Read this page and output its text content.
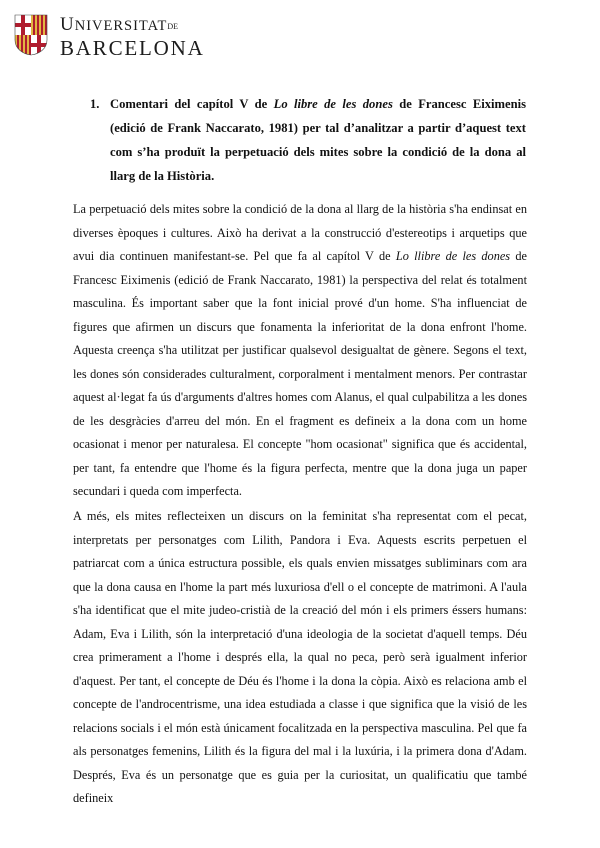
UNIVERSITATDE
BARCELONA
1. Comentari del capítol V de Lo libre de les dones de Francesc Eiximenis (edició de Frank Naccarato, 1981) per tal d’analitzar a partir d’aquest text com s’ha produït la perpetuació dels mites sobre la condició de la dona al llarg de la Història.
La perpetuació dels mites sobre la condició de la dona al llarg de la història s'ha endinsat en diverses èpoques i cultures. Això ha derivat a la construcció d'estereotips i arquetips que avui dia continuen manifestant-se. Pel que fa al capítol V de Lo llibre de les dones de Francesc Eiximenis (edició de Frank Naccarato, 1981) la perspectiva del relat és totalment masculina. És important saber que la font inicial prové d'un home. S'ha influenciat de figures que afirmen un discurs que fonamenta la inferioritat de la dona enfront l'home. Aquesta creença s'ha utilitzat per justificar qualsevol desigualtat de gènere. Segons el text, les dones són considerades culturalment, corporalment i mentalment menors. Per contrastar aquest al·legat fa ús d'arguments d'altres homes com Alanus, el qual culpabilitza a les dones de les desgràcies d'arreu del món. En el fragment es defineix a la dona com un home ocasionat i menor per naturalesa. El concepte "hom ocasionat" significa que és accidental, per tant, fa entendre que l'home és la figura perfecta, mentre que la dona juga un paper secundari i queda com imperfecta.
A més, els mites reflecteixen un discurs on la feminitat s'ha representat com el pecat, interpretats per personatges com Lilith, Pandora i Eva. Aquests escrits perpetuen el patriarcat com a única estructura possible, els quals envien missatges subliminars com ara que la dona causa en l'home la part més luxuriosa d'ell o el concepte de matrimoni. A l'aula s'ha identificat que el mite judeo-cristià de la creació del món i els primers éssers humans: Adam, Eva i Lilith, són la interpretació d'una ideologia de la societat d'aquell temps. Déu crea primerament a l'home i després ella, la qual no peca, però serà igualment inferior d'aquest. Per tant, el concepte de Déu és l'home i la dona la còpia. Això es relaciona amb el concepte de l'androcentrisme, una idea estudiada a classe i que significa que la visió de les relacions socials i el món està únicament focalitzada en la perspectiva masculina. Pel que fa als personatges femenins, Lilith és la figura del mal i la luxúria, i la primera dona d'Adam. Després, Eva és un personatge que es guia per la curiositat, un qualificatiu que també defineix
